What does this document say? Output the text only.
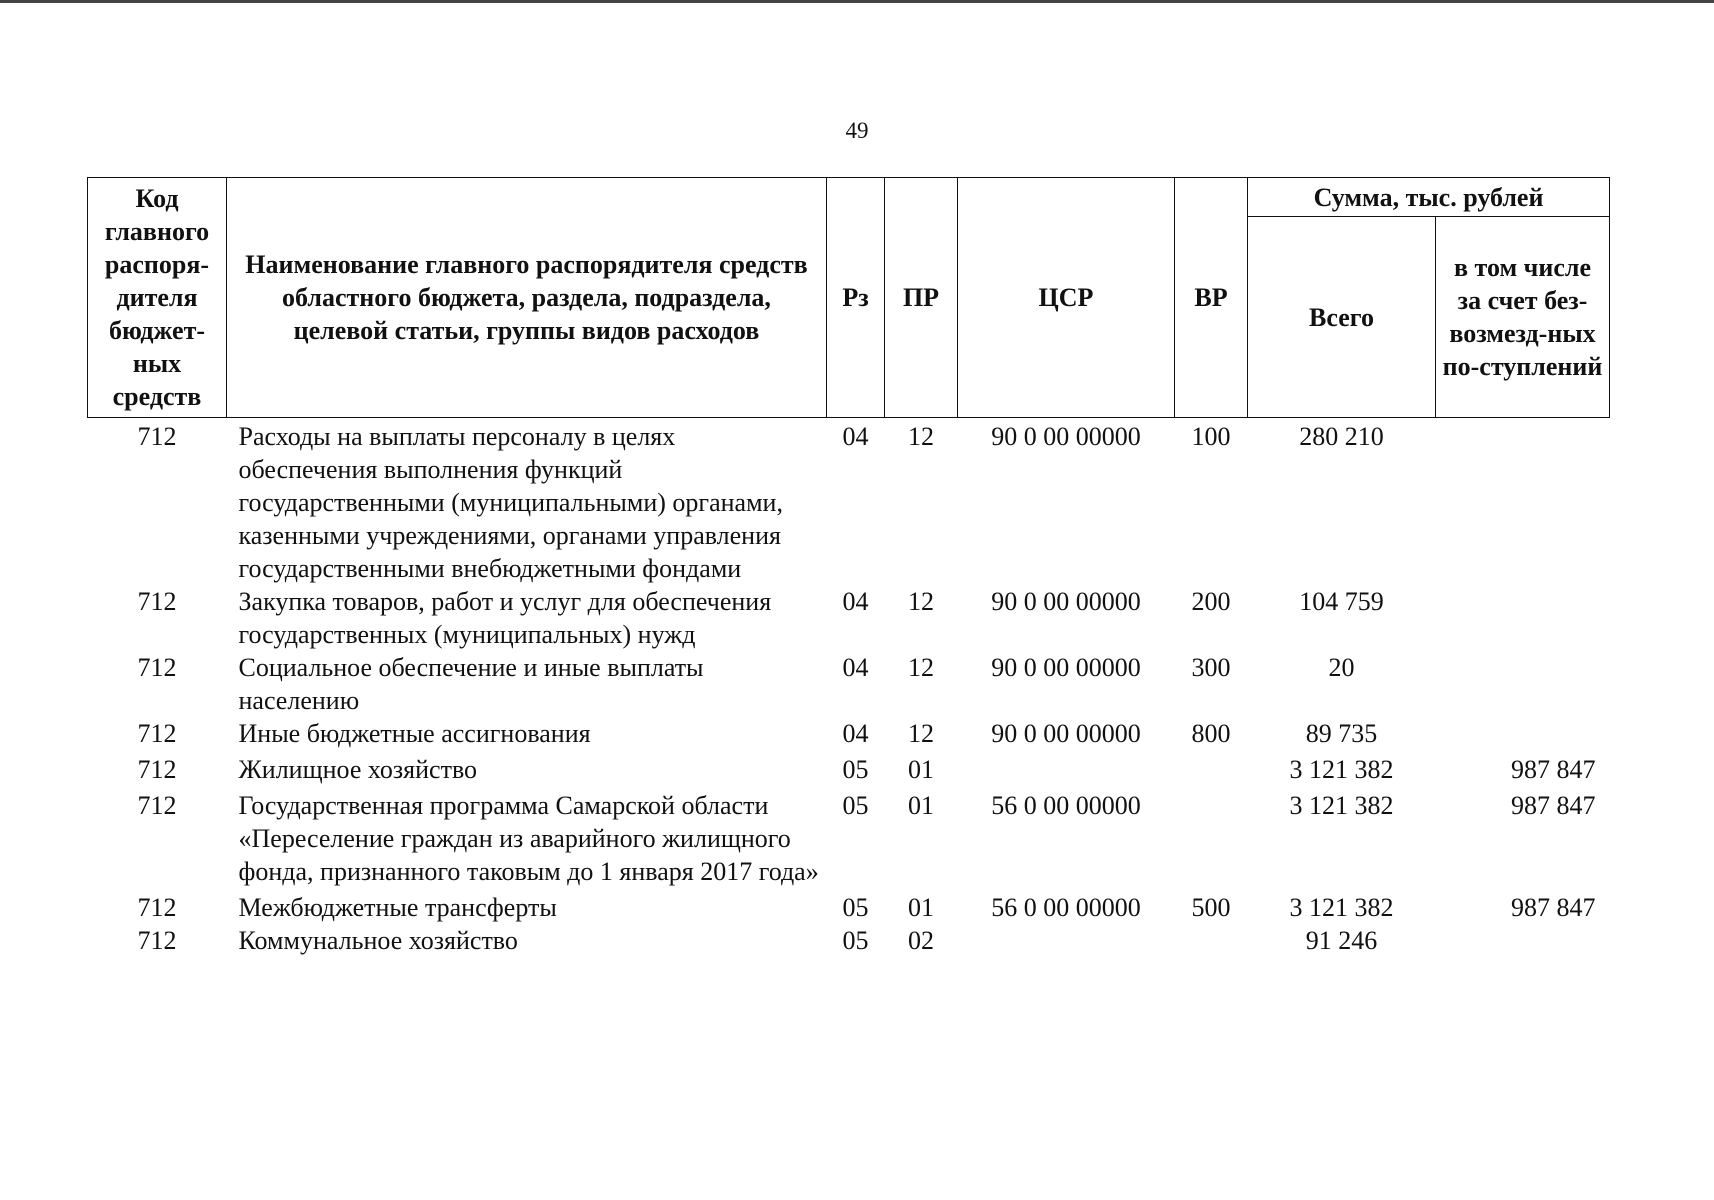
49
Код главного распоря-дителя бюджет-ных средств	Наименование главного распорядителя средств областного бюджета, раздела, подраздела, целевой статьи, группы видов расходов	Рз	ПР	ЦСР	ВР	Сумма, тыс. рублей	
						Всего	в том числе за счет без-возмезд-ных по-ступлений
712	Расходы на выплаты персоналу в целях обеспечения выполнения функций государственными (муниципальными) органами, казенными учреждениями, органами управления государственными внебюджетными фондами	04	12	90 0 00 00000	100	280 210	
712	Закупка товаров, работ и услуг для обеспечения государственных (муниципальных) нужд	04	12	90 0 00 00000	200	104 759	
712	Социальное обеспечение и иные выплаты населению	04	12	90 0 00 00000	300	20	
712	Иные бюджетные ассигнования	04	12	90 0 00 00000	800	89 735	
712	Жилищное хозяйство	05	01			3 121 382	987 847
712	Государственная программа Самарской области «Переселение граждан из аварийного жилищного фонда, признанного таковым до 1 января 2017 года»	05	01	56 0 00 00000		3 121 382	987 847
712	Межбюджетные трансферты	05	01	56 0 00 00000	500	3 121 382	987 847
712	Коммунальное хозяйство	05	02			91 246	
